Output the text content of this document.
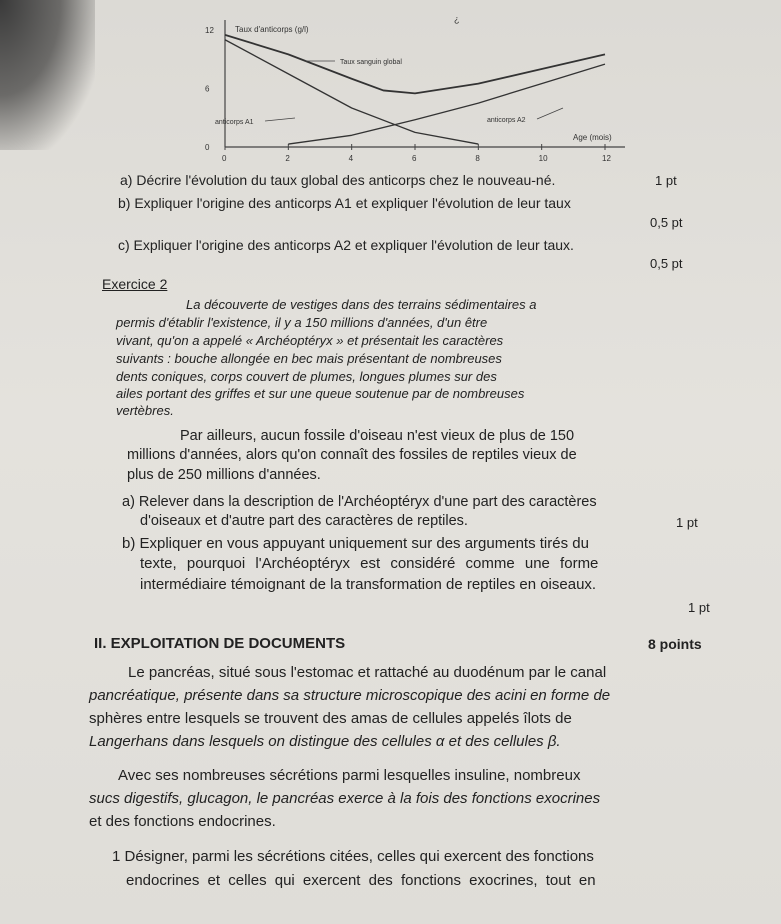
Taux d'anticorps (g/l)
Age (mois)
0	2	4	6	8	10	12
0
6
12
Taux sanguin global
anticorps A1	anticorps A2
¿
a) Décrire l'évolution du taux global des anticorps chez le nouveau-né.	1 pt
b) Expliquer l'origine des anticorps A1 et expliquer l'évolution de leur taux
0,5 pt
c) Expliquer l'origine des anticorps A2 et expliquer l'évolution de leur taux.
0,5 pt
Exercice 2
La découverte de vestiges dans des terrains sédimentaires a
permis d'établir l'existence, il y a 150 millions d'années, d'un être
vivant, qu'on a appelé « Archéoptéryx » et présentait les caractères
suivants : bouche allongée en bec mais présentant de nombreuses
dents coniques, corps couvert de plumes, longues plumes sur des
ailes portant des griffes et sur une queue soutenue par de nombreuses
vertèbres.
Par ailleurs, aucun fossile d'oiseau n'est vieux de plus de 150
millions d'années, alors qu'on connaît des fossiles de reptiles vieux de
plus de 250 millions d'années.
a) Relever dans la description de l'Archéoptéryx d'une part des caractères
d'oiseaux et d'autre part des caractères de reptiles.	1 pt
b) Expliquer en vous appuyant uniquement sur des arguments tirés du
texte, pourquoi l'Archéoptéryx est considéré comme une forme
intermédiaire témoignant de la transformation de reptiles en oiseaux.
1 pt
II. EXPLOITATION DE DOCUMENTS	8 points
Le pancréas, situé sous l'estomac et rattaché au duodénum par le canal
pancréatique, présente dans sa structure microscopique des acini en forme de
sphères entre lesquels se trouvent des amas de cellules appelés îlots de
Langerhans dans lesquels on distingue des cellules α et des cellules β.
Avec ses nombreuses sécrétions parmi lesquelles insuline, nombreux
sucs digestifs, glucagon, le pancréas exerce à la fois des fonctions exocrines
et des fonctions endocrines.
1 Désigner, parmi les sécrétions citées, celles qui exercent des fonctions
endocrines et celles qui exercent des fonctions exocrines, tout en
